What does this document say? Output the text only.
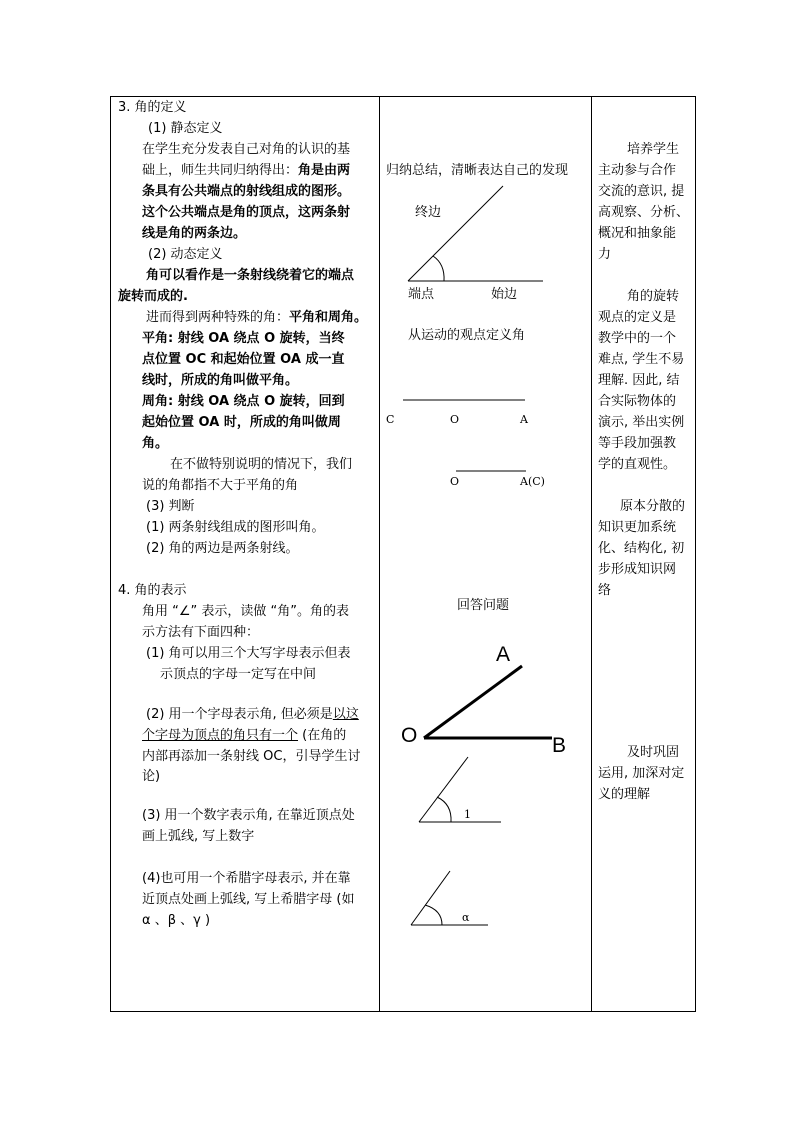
3. 角的定义
(1) 静态定义
在学生充分发表自己对角的认识的基
础上，师生共同归纳得出：角是由两
条具有公共端点的射线组成的图形。
这个公共端点是角的顶点，这两条射
线是角的两条边。
(2) 动态定义
角可以看作是一条射线绕着它的端点
旋转而成的.
进而得到两种特殊的角：平角和周角。
平角: 射线 OA 绕点 O 旋转，当终
点位置 OC 和起始位置 OA 成一直
线时，所成的角叫做平角。
周角: 射线 OA 绕点 O 旋转，回到
起始位置 OA 时，所成的角叫做周
角。
在不做特别说明的情况下，我们
说的角都指不大于平角的角
(3) 判断
(1) 两条射线组成的图形叫角。
(2) 角的两边是两条射线。
4. 角的表示
角用 “∠” 表示，读做 “角”。角的表
示方法有下面四种：
(1) 角可以用三个大写字母表示但表
示顶点的字母一定写在中间
(2) 用一个字母表示角, 但必须是以这
个字母为顶点的角只有一个 (在角的
内部再添加一条射线 OC，引导学生讨
论)
(3) 用一个数字表示角, 在靠近顶点处
画上弧线, 写上数字
(4)也可用一个希腊字母表示, 并在靠
近顶点处画上弧线, 写上希腊字母 (如
α 、β 、γ )
归纳总结，清晰表达自己的发现
终边
端点	始边
从运动的观点定义角
C	O	A
O	A(C)
回答问题
A
O	B
1
α
培养学生
主动参与合作
交流的意识, 提
高观察、分析、
概况和抽象能
力
角的旋转
观点的定义是
教学中的一个
难点, 学生不易
理解. 因此, 结
合实际物体的
演示, 举出实例
等手段加强教
学的直观性。
原本分散的
知识更加系统
化、结构化, 初
步形成知识网
络
及时巩固
运用, 加深对定
义的理解
